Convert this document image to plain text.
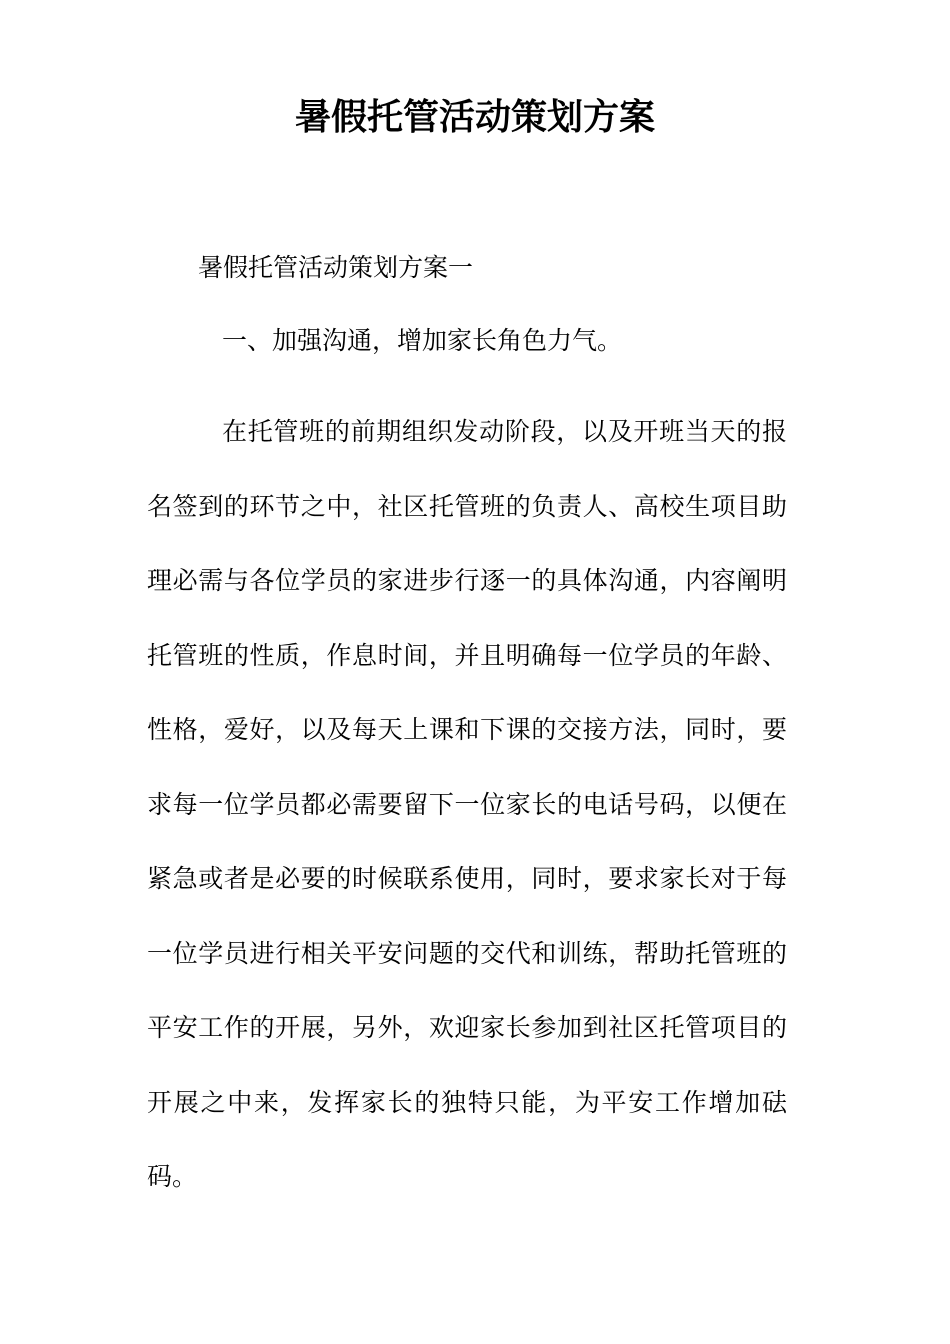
暑假托管活动策划方案

暑假托管活动策划方案一

一、加强沟通，增加家长角色力气。

在托管班的前期组织发动阶段，以及开班当天的报名签到的环节之中，社区托管班的负责人、高校生项目助理必需与各位学员的家进步行逐一的具体沟通，内容阐明托管班的性质，作息时间，并且明确每一位学员的年龄、性格，爱好，以及每天上课和下课的交接方法，同时，要求每一位学员都必需要留下一位家长的电话号码，以便在紧急或者是必要的时候联系使用，同时，要求家长对于每一位学员进行相关平安问题的交代和训练，帮助托管班的平安工作的开展，另外，欢迎家长参加到社区托管项目的开展之中来，发挥家长的独特只能，为平安工作增加砝码。
